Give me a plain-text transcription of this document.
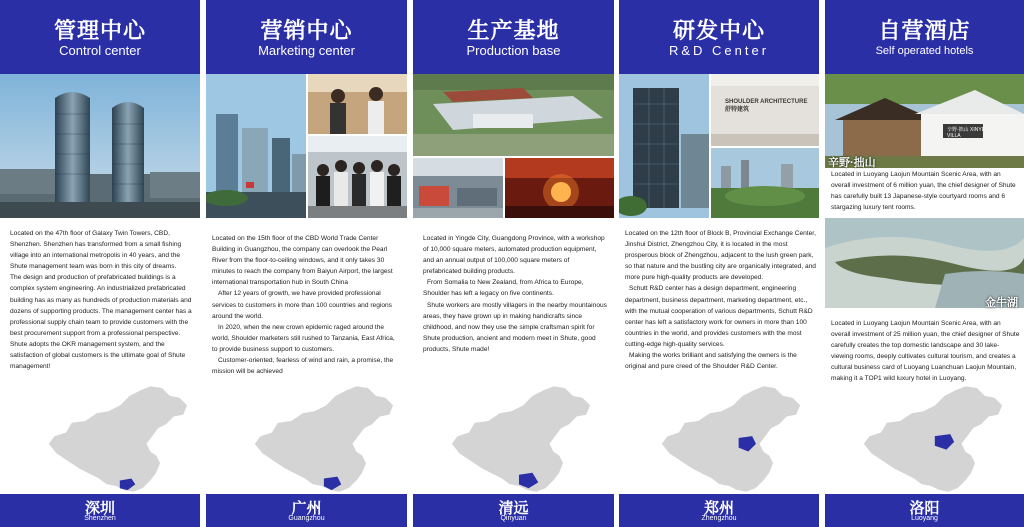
管理中心
Control center

Located on the 47th floor of Galaxy Twin Towers, CBD, Shenzhen. Shenzhen has transformed from a small fishing village into an international metropolis in 40 years, and the Shute management team was born in this city of dreams.

The design and production of prefabricated buildings is a complex system engineering. An industrialized prefabricated building has as many as hundreds of production materials and dozens of supporting products. The management center has a professional supply chain team to provide customers with the best procurement support from a professional perspective.

Shute adopts the OKR management system, and the satisfaction of global customers is the ultimate goal of Shute management!

深圳
Shenzhen
营销中心
Marketing center

Located on the 15th floor of the CBD World Trade Center Building in Guangzhou, the company can overlook the Pearl River from the floor-to-ceiling windows, and it only takes 30 minutes to reach the company from Baiyun Airport, the largest international transportation hub in South China

After 12 years of growth, we have provided professional services to customers in more than 100 countries and regions around the world.

In 2020, when the new crown epidemic raged around the world, Shoulder marketers still rushed to Tanzania, East Africa, to provide business support to customers.

Customer-oriented, fearless of wind and rain, a promise, the mission will be achieved

广州
Guangzhou
生产基地
Production base

Located in Yingde City, Guangdong Province, with a workshop of 10,000 square meters, automated production equipment, and an annual output of 100,000 square meters of prefabricated building products.

From Somalia to New Zealand, from Africa to Europe, Shoulder has left a legacy on five continents.

Shute workers are mostly villagers in the nearby mountainous areas, they have grown up in making handicrafts since childhood, and now they use the simple craftsman spirit for Shute production, ancient and modern meet in Shute, good products, Shute made!

清远
Qinyuan
研发中心
R&D Center
SHOULDER ARCHITECTURE 舒特建筑

Located on the 12th floor of Block B, Provincial Exchange Center, Jinshui District, Zhengzhou City, it is located in the most prosperous block of Zhengzhou, adjacent to the lush green park, so that nature and the bustling city are organically integrated, and more pure high-quality products are developed.

Schutt R&D center has a design department, engineering department, business department, marketing department, etc., with the mutual cooperation of various departments, Schutt R&D center has left a satisfactory work for owners in more than 100 countries in the world, and provides customers with the most cutting-edge high-quality services.

Making the works brilliant and satisfying the owners is the original and pure creed of the Shoulder R&D Center.

郑州
Zhengzhou
自营酒店
Self operated hotels
辛野·拙山 XINYE VILLA
辛野·拙山

Located in Luoyang Laojun Mountain Scenic Area, with an overall investment of 6 million yuan, the chief designer of Shute has carefully built 13 Japanese-style courtyard rooms and 6 stargazing luxury tent rooms.

金牛湖

Located in Luoyang Laojun Mountain Scenic Area, with an overall investment of 25 million yuan, the chief designer of Shute carefully creates the top domestic landscape and 30 lake-viewing rooms, deeply cultivates cultural tourism, and creates a cultural business card of Luoyang Luanchuan Laojun Mountain, making it a TOP1 wild luxury hotel in Luoyang.

洛阳
Luoyang
